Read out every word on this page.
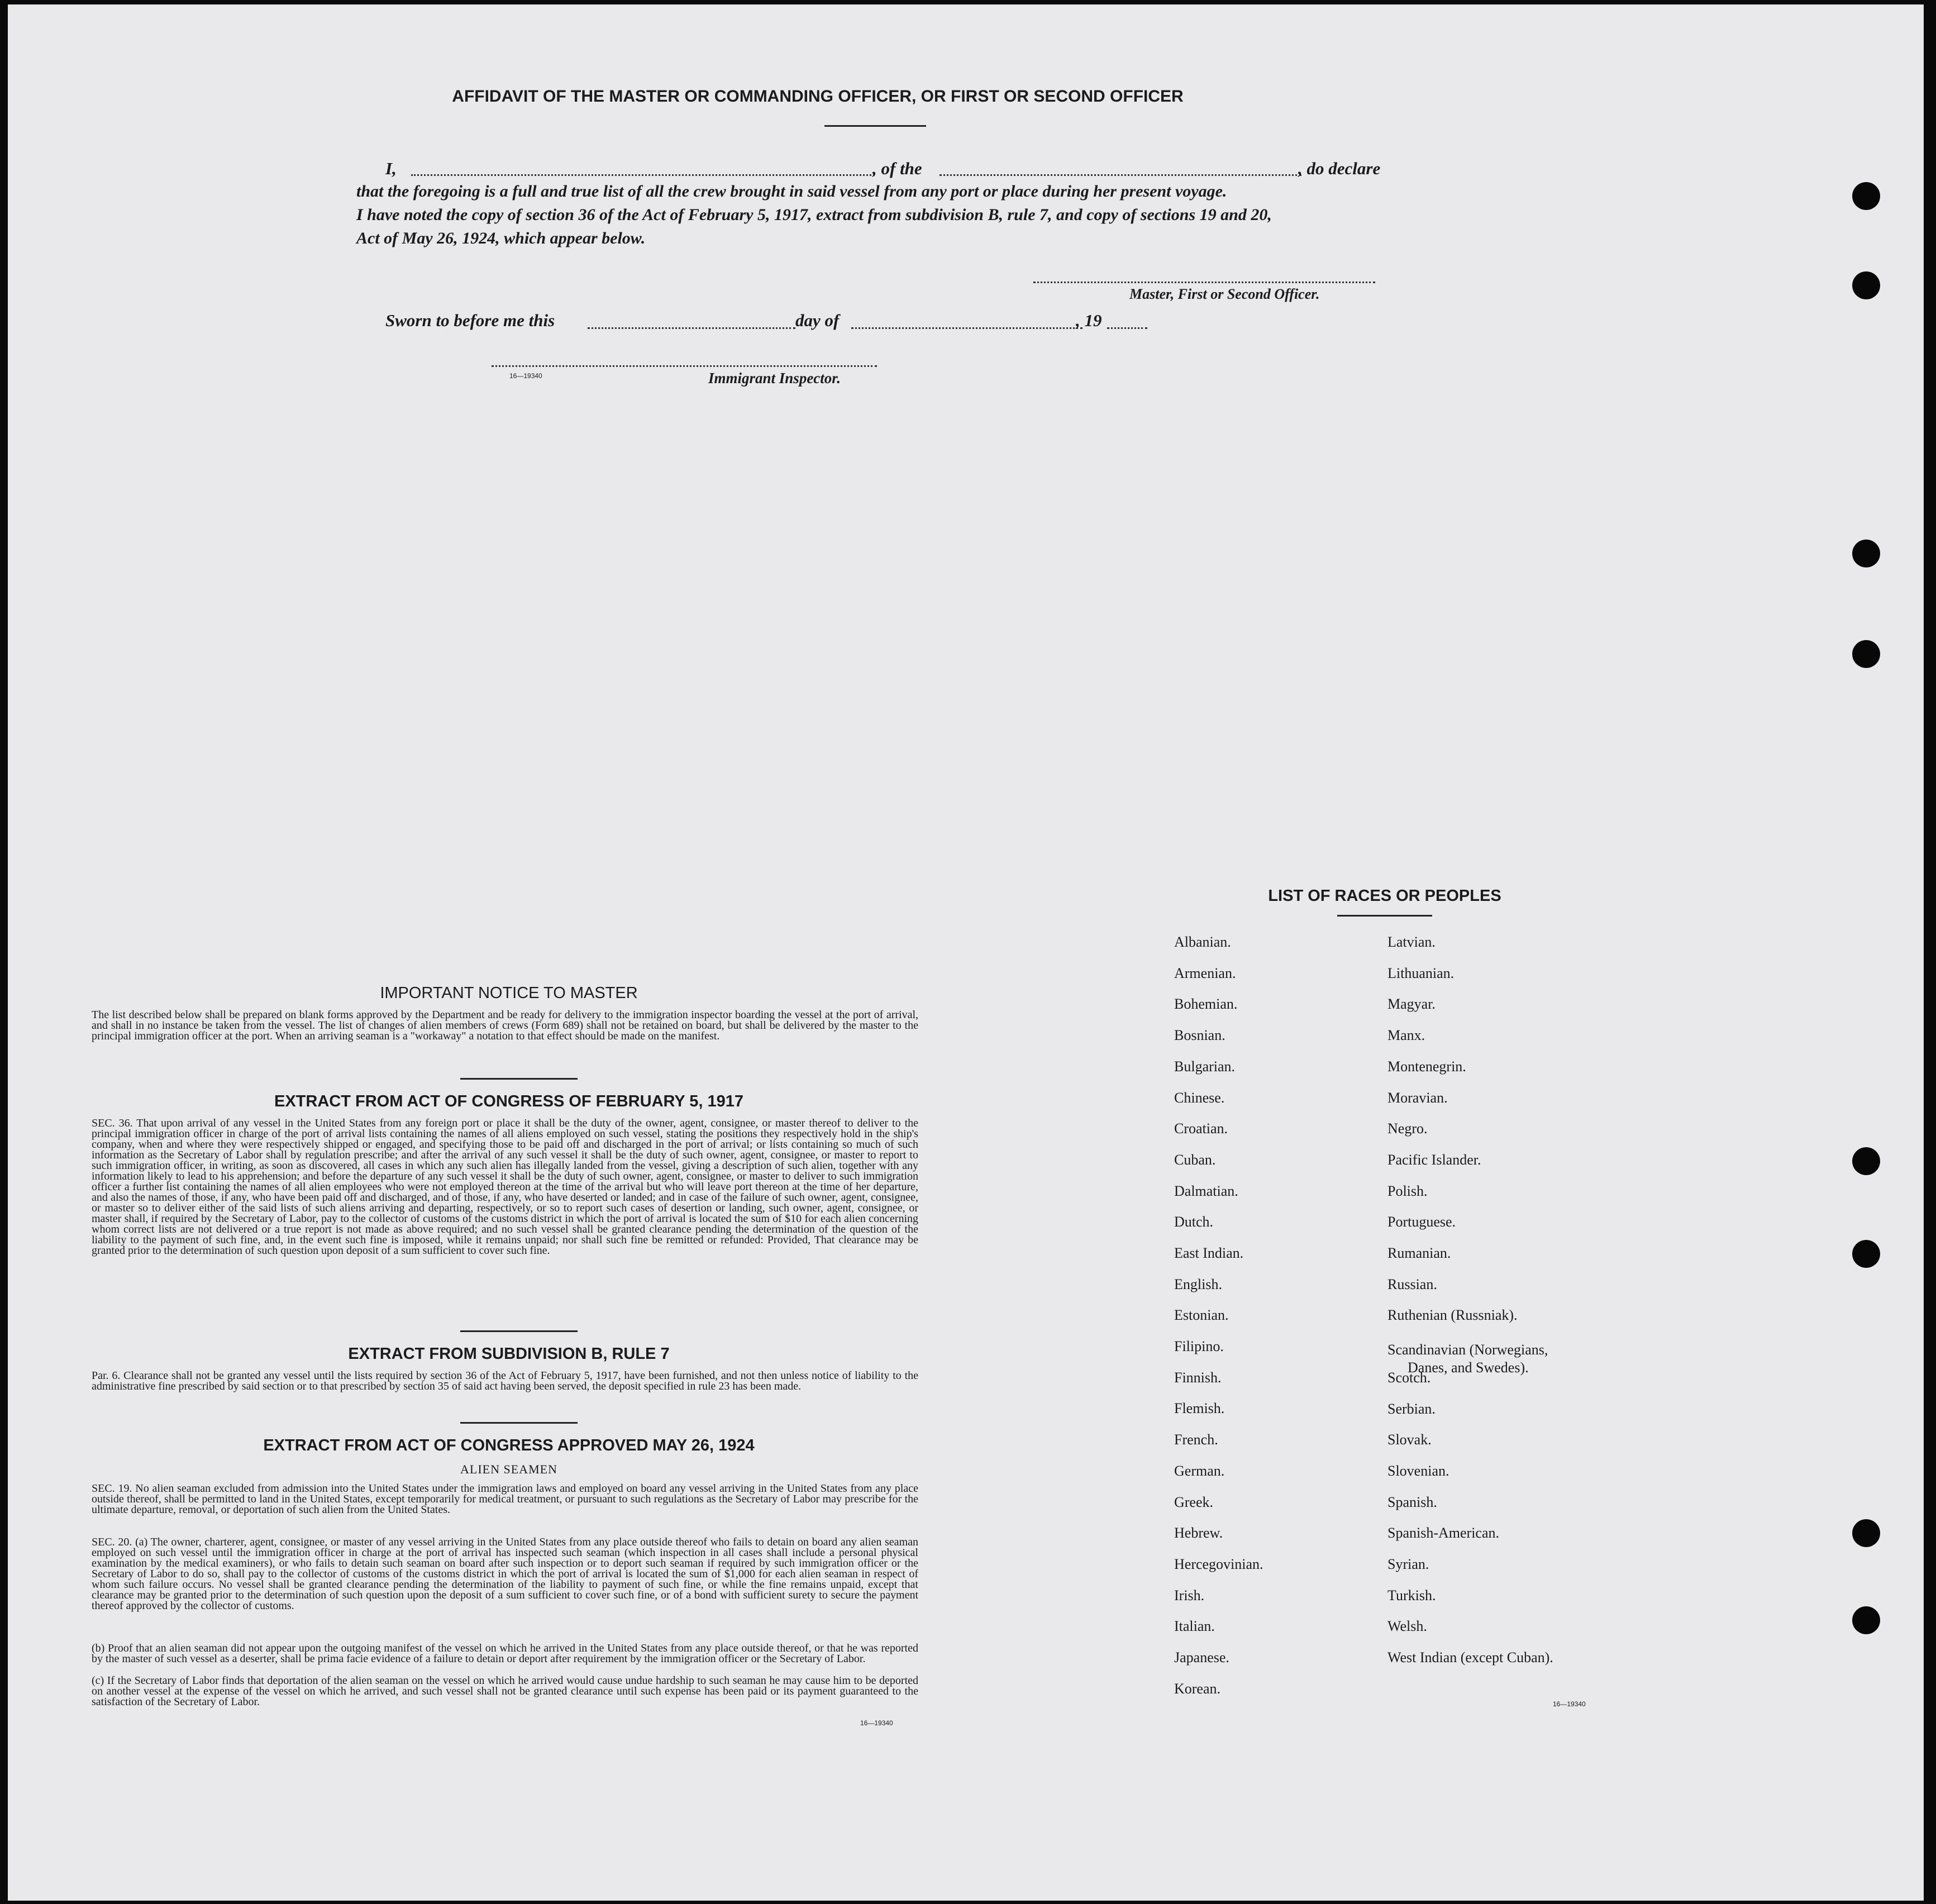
AFFIDAVIT OF THE MASTER OR COMMANDING OFFICER, OR FIRST OR SECOND OFFICER
I,	, of the	, do declare
that the foregoing is a full and true list of all the crew brought in said vessel from any port or place during her present voyage.
I have noted the copy of section 36 of the Act of February 5, 1917, extract from subdivision B, rule 7, and copy of sections 19 and 20,
Act of May 26, 1924, which appear below.
Master, First or Second Officer.
Sworn to before me this	day of	, 19
16—19340	Immigrant Inspector.
IMPORTANT NOTICE TO MASTER
The list described below shall be prepared on blank forms approved by the Department and be ready for delivery to the immigration inspector boarding the vessel at the port of arrival, and shall in no instance be taken from the vessel. The list of changes of alien members of crews (Form 689) shall not be retained on board, but shall be delivered by the master to the principal immigration officer at the port. When an arriving seaman is a "workaway" a notation to that effect should be made on the manifest.
EXTRACT FROM ACT OF CONGRESS OF FEBRUARY 5, 1917
SEC. 36. That upon arrival of any vessel in the United States from any foreign port or place it shall be the duty of the owner, agent, consignee, or master thereof to deliver to the principal immigration officer in charge of the port of arrival lists containing the names of all aliens employed on such vessel, stating the positions they respectively hold in the ship's company, when and where they were respectively shipped or engaged, and specifying those to be paid off and discharged in the port of arrival; or lists containing so much of such information as the Secretary of Labor shall by regulation prescribe; and after the arrival of any such vessel it shall be the duty of such owner, agent, consignee, or master to report to such immigration officer, in writing, as soon as discovered, all cases in which any such alien has illegally landed from the vessel, giving a description of such alien, together with any information likely to lead to his apprehension; and before the departure of any such vessel it shall be the duty of such owner, agent, consignee, or master to deliver to such immigration officer a further list containing the names of all alien employees who were not employed thereon at the time of the arrival but who will leave port thereon at the time of her departure, and also the names of those, if any, who have been paid off and discharged, and of those, if any, who have deserted or landed; and in case of the failure of such owner, agent, consignee, or master so to deliver either of the said lists of such aliens arriving and departing, respectively, or so to report such cases of desertion or landing, such owner, agent, consignee, or master shall, if required by the Secretary of Labor, pay to the collector of customs of the customs district in which the port of arrival is located the sum of $10 for each alien concerning whom correct lists are not delivered or a true report is not made as above required; and no such vessel shall be granted clearance pending the determination of the question of the liability to the payment of such fine, and, in the event such fine is imposed, while it remains unpaid; nor shall such fine be remitted or refunded: Provided, That clearance may be granted prior to the determination of such question upon deposit of a sum sufficient to cover such fine.
EXTRACT FROM SUBDIVISION B, RULE 7
Par. 6. Clearance shall not be granted any vessel until the lists required by section 36 of the Act of February 5, 1917, have been furnished, and not then unless notice of liability to the administrative fine prescribed by said section or to that prescribed by section 35 of said act having been served, the deposit specified in rule 23 has been made.
EXTRACT FROM ACT OF CONGRESS APPROVED MAY 26, 1924
ALIEN SEAMEN
SEC. 19. No alien seaman excluded from admission into the United States under the immigration laws and employed on board any vessel arriving in the United States from any place outside thereof, shall be permitted to land in the United States, except temporarily for medical treatment, or pursuant to such regulations as the Secretary of Labor may prescribe for the ultimate departure, removal, or deportation of such alien from the United States.
SEC. 20. (a) The owner, charterer, agent, consignee, or master of any vessel arriving in the United States from any place outside thereof who fails to detain on board any alien seaman employed on such vessel until the immigration officer in charge at the port of arrival has inspected such seaman (which inspection in all cases shall include a personal physical examination by the medical examiners), or who fails to detain such seaman on board after such inspection or to deport such seaman if required by such immigration officer or the Secretary of Labor to do so, shall pay to the collector of customs of the customs district in which the port of arrival is located the sum of $1,000 for each alien seaman in respect of whom such failure occurs. No vessel shall be granted clearance pending the determination of the liability to payment of such fine, or while the fine remains unpaid, except that clearance may be granted prior to the determination of such question upon the deposit of a sum sufficient to cover such fine, or of a bond with sufficient surety to secure the payment thereof approved by the collector of customs.
(b) Proof that an alien seaman did not appear upon the outgoing manifest of the vessel on which he arrived in the United States from any place outside thereof, or that he was reported by the master of such vessel as a deserter, shall be prima facie evidence of a failure to detain or deport after requirement by the immigration officer or the Secretary of Labor.
(c) If the Secretary of Labor finds that deportation of the alien seaman on the vessel on which he arrived would cause undue hardship to such seaman he may cause him to be deported on another vessel at the expense of the vessel on which he arrived, and such vessel shall not be granted clearance until such expense has been paid or its payment guaranteed to the satisfaction of the Secretary of Labor.
16—19340
LIST OF RACES OR PEOPLES
16—19340
Albanian.
Armenian.
Bohemian.
Bosnian.
Bulgarian.
Chinese.
Croatian.
Cuban.
Dalmatian.
Dutch.
East Indian.
English.
Estonian.
Filipino.
Finnish.
Flemish.
French.
German.
Greek.
Hebrew.
Hercegovinian.
Irish.
Italian.
Japanese.
Korean.
Latvian.
Lithuanian.
Magyar.
Manx.
Montenegrin.
Moravian.
Negro.
Pacific Islander.
Polish.
Portuguese.
Rumanian.
Russian.
Ruthenian (Russniak).
Scandinavian (Norwegians,
Danes, and Swedes).
Scotch.
Serbian.
Slovak.
Slovenian.
Spanish.
Spanish-American.
Syrian.
Turkish.
Welsh.
West Indian (except Cuban).
